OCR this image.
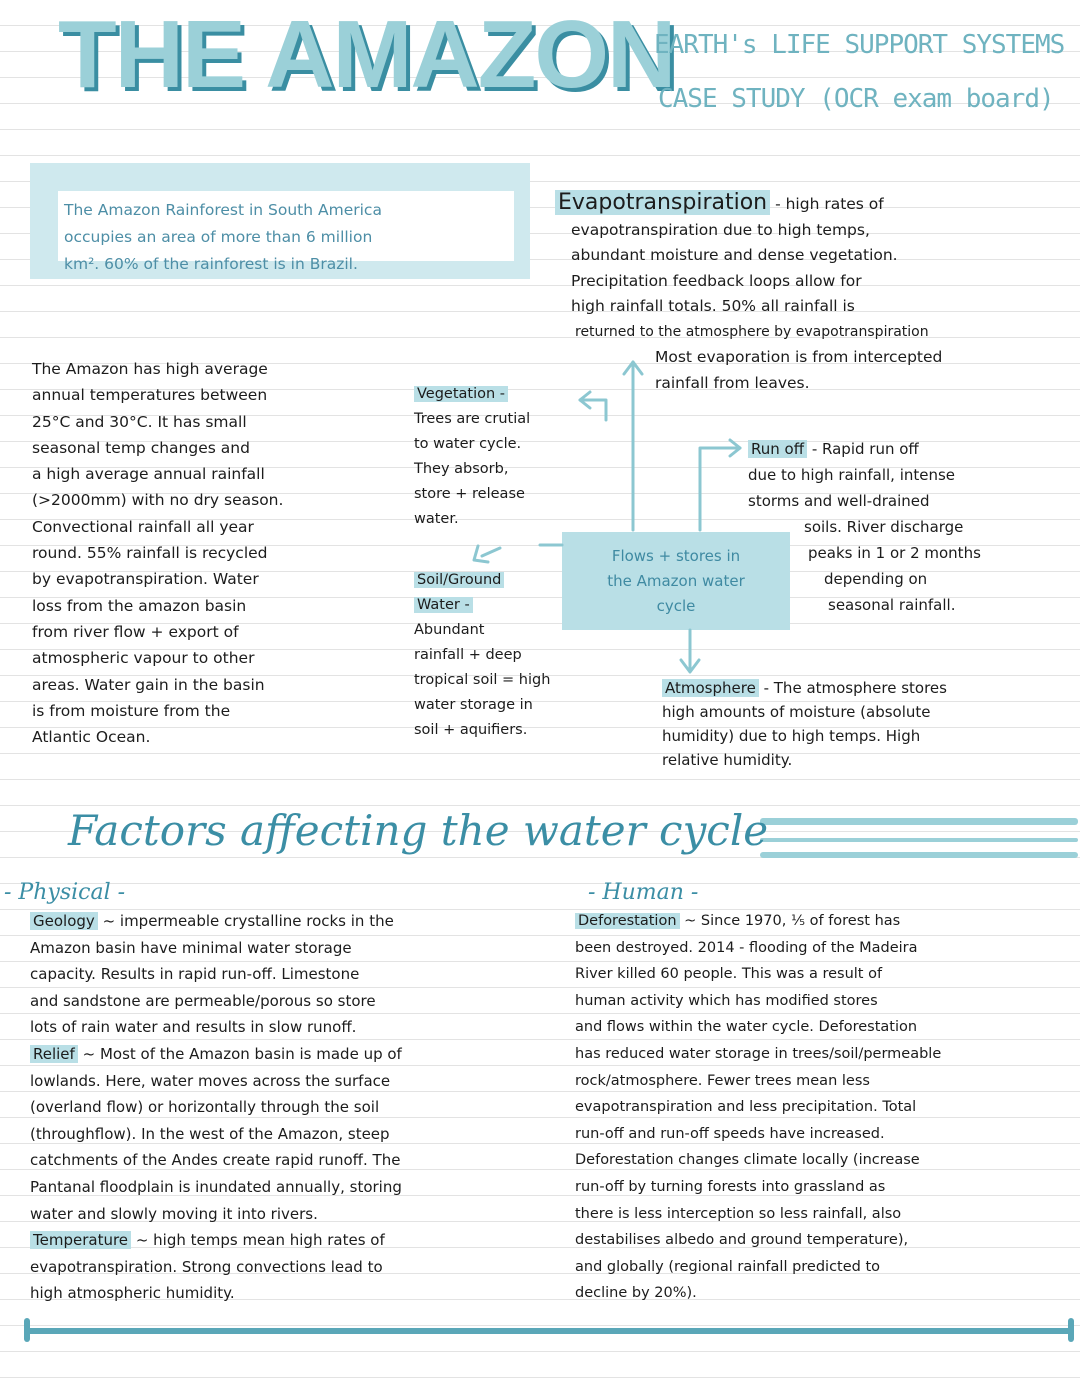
THE AMAZON
EARTH's LIFE SUPPORT SYSTEMS
CASE STUDY (OCR exam board)
The Amazon Rainforest in South America
occupies an area of more than 6 million
km². 60% of the rainforest is in Brazil.
Evapotranspiration - high rates of
evapotranspiration due to high temps,
abundant moisture and dense vegetation.
Precipitation feedback loops allow for
high rainfall totals. 50% all rainfall is
returned to the atmosphere by evapotranspiration
Most evaporation is from intercepted
rainfall from leaves.
The Amazon has high average
annual temperatures between
25°C and 30°C. It has small
seasonal temp changes and
a high average annual rainfall
(>2000mm) with no dry season.
Convectional rainfall all year
round. 55% rainfall is recycled
by evapotranspiration. Water
loss from the amazon basin
from river flow + export of
atmospheric vapour to other
areas. Water gain in the basin
is from moisture from the
Atlantic Ocean.
Vegetation -
Trees are crutial
to water cycle.
They absorb,
store + release
water.
Soil/Ground
Water -
Abundant
rainfall + deep
tropical soil = high
water storage in
soil + aquifiers.
Flows + stores in
the Amazon water
cycle
Run off - Rapid run off
due to high rainfall, intense
storms and well-drained
soils. River discharge
peaks in 1 or 2 months
depending on
seasonal rainfall.
Atmosphere - The atmosphere stores
high amounts of moisture (absolute
humidity) due to high temps. High
relative humidity.
Factors affecting the water cycle
- Physical -
Geology ~ impermeable crystalline rocks in the
Amazon basin have minimal water storage
capacity. Results in rapid run-off. Limestone
and sandstone are permeable/porous so store
lots of rain water and results in slow runoff.
Relief ~ Most of the Amazon basin is made up of
lowlands. Here, water moves across the surface
(overland flow) or horizontally through the soil
(throughflow). In the west of the Amazon, steep
catchments of the Andes create rapid runoff. The
Pantanal floodplain is inundated annually, storing
water and slowly moving it into rivers.
Temperature ~ high temps mean high rates of
evapotranspiration. Strong convections lead to
high atmospheric humidity.
- Human -
Deforestation ~ Since 1970, ⅕ of forest has
been destroyed. 2014 - flooding of the Madeira
River killed 60 people. This was a result of
human activity which has modified stores
and flows within the water cycle. Deforestation
has reduced water storage in trees/soil/permeable
rock/atmosphere. Fewer trees mean less
evapotranspiration and less precipitation. Total
run-off and run-off speeds have increased.
Deforestation changes climate locally (increase
run-off by turning forests into grassland as
there is less interception so less rainfall, also
destabilises albedo and ground temperature),
and globally (regional rainfall predicted to
decline by 20%).
